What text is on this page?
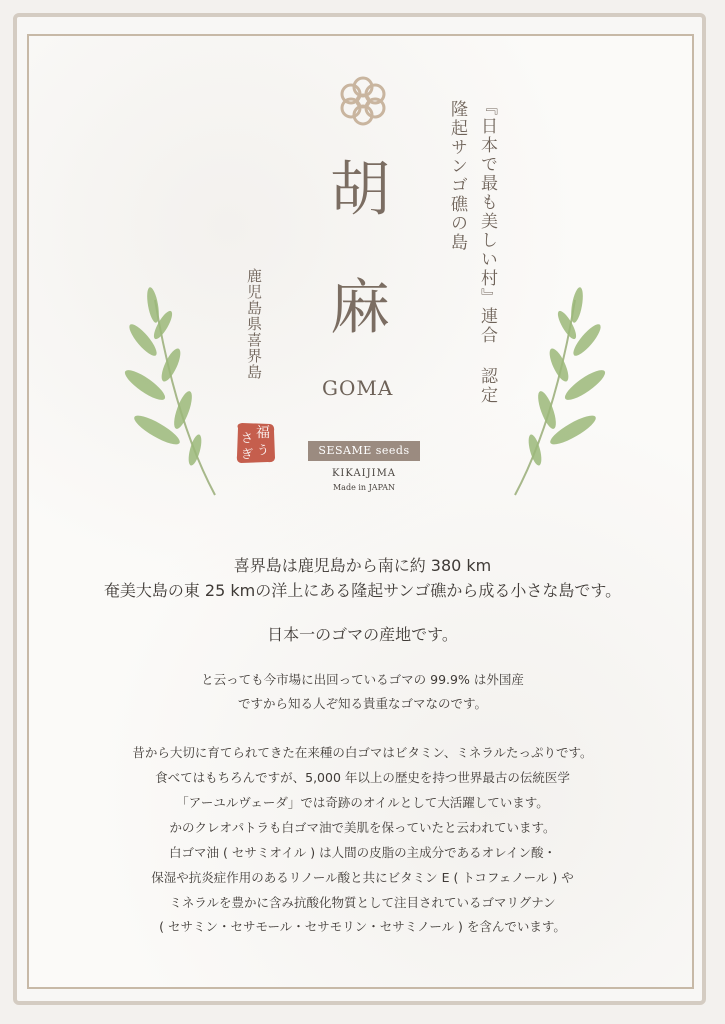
『日本で最も美しい村』連合 認定
隆起サンゴ礁の島
胡
麻
GOMA
鹿児島県喜界島
福
う
さ
ぎ	SESAME seeds
KIKAIJIMA
Made in JAPAN
喜界島は鹿児島から南に約 380 km
奄美大島の東 25 kmの洋上にある隆起サンゴ礁から成る小さな島です。
日本一のゴマの産地です。
と云っても今市場に出回っているゴマの 99.9% は外国産
ですから知る人ぞ知る貴重なゴマなのです。
昔から大切に育てられてきた在来種の白ゴマはビタミン、ミネラルたっぷりです。
食べてはもちろんですが、5,000 年以上の歴史を持つ世界最古の伝統医学
「アーユルヴェーダ」では奇跡のオイルとして大活躍しています。
かのクレオパトラも白ゴマ油で美肌を保っていたと云われています。
白ゴマ油 ( セサミオイル ) は人間の皮脂の主成分であるオレイン酸・
保湿や抗炎症作用のあるリノール酸と共にビタミン E ( トコフェノール ) や
ミネラルを豊かに含み抗酸化物質として注目されているゴマリグナン
( セサミン・セサモール・セサモリン・セサミノール ) を含んでいます。
